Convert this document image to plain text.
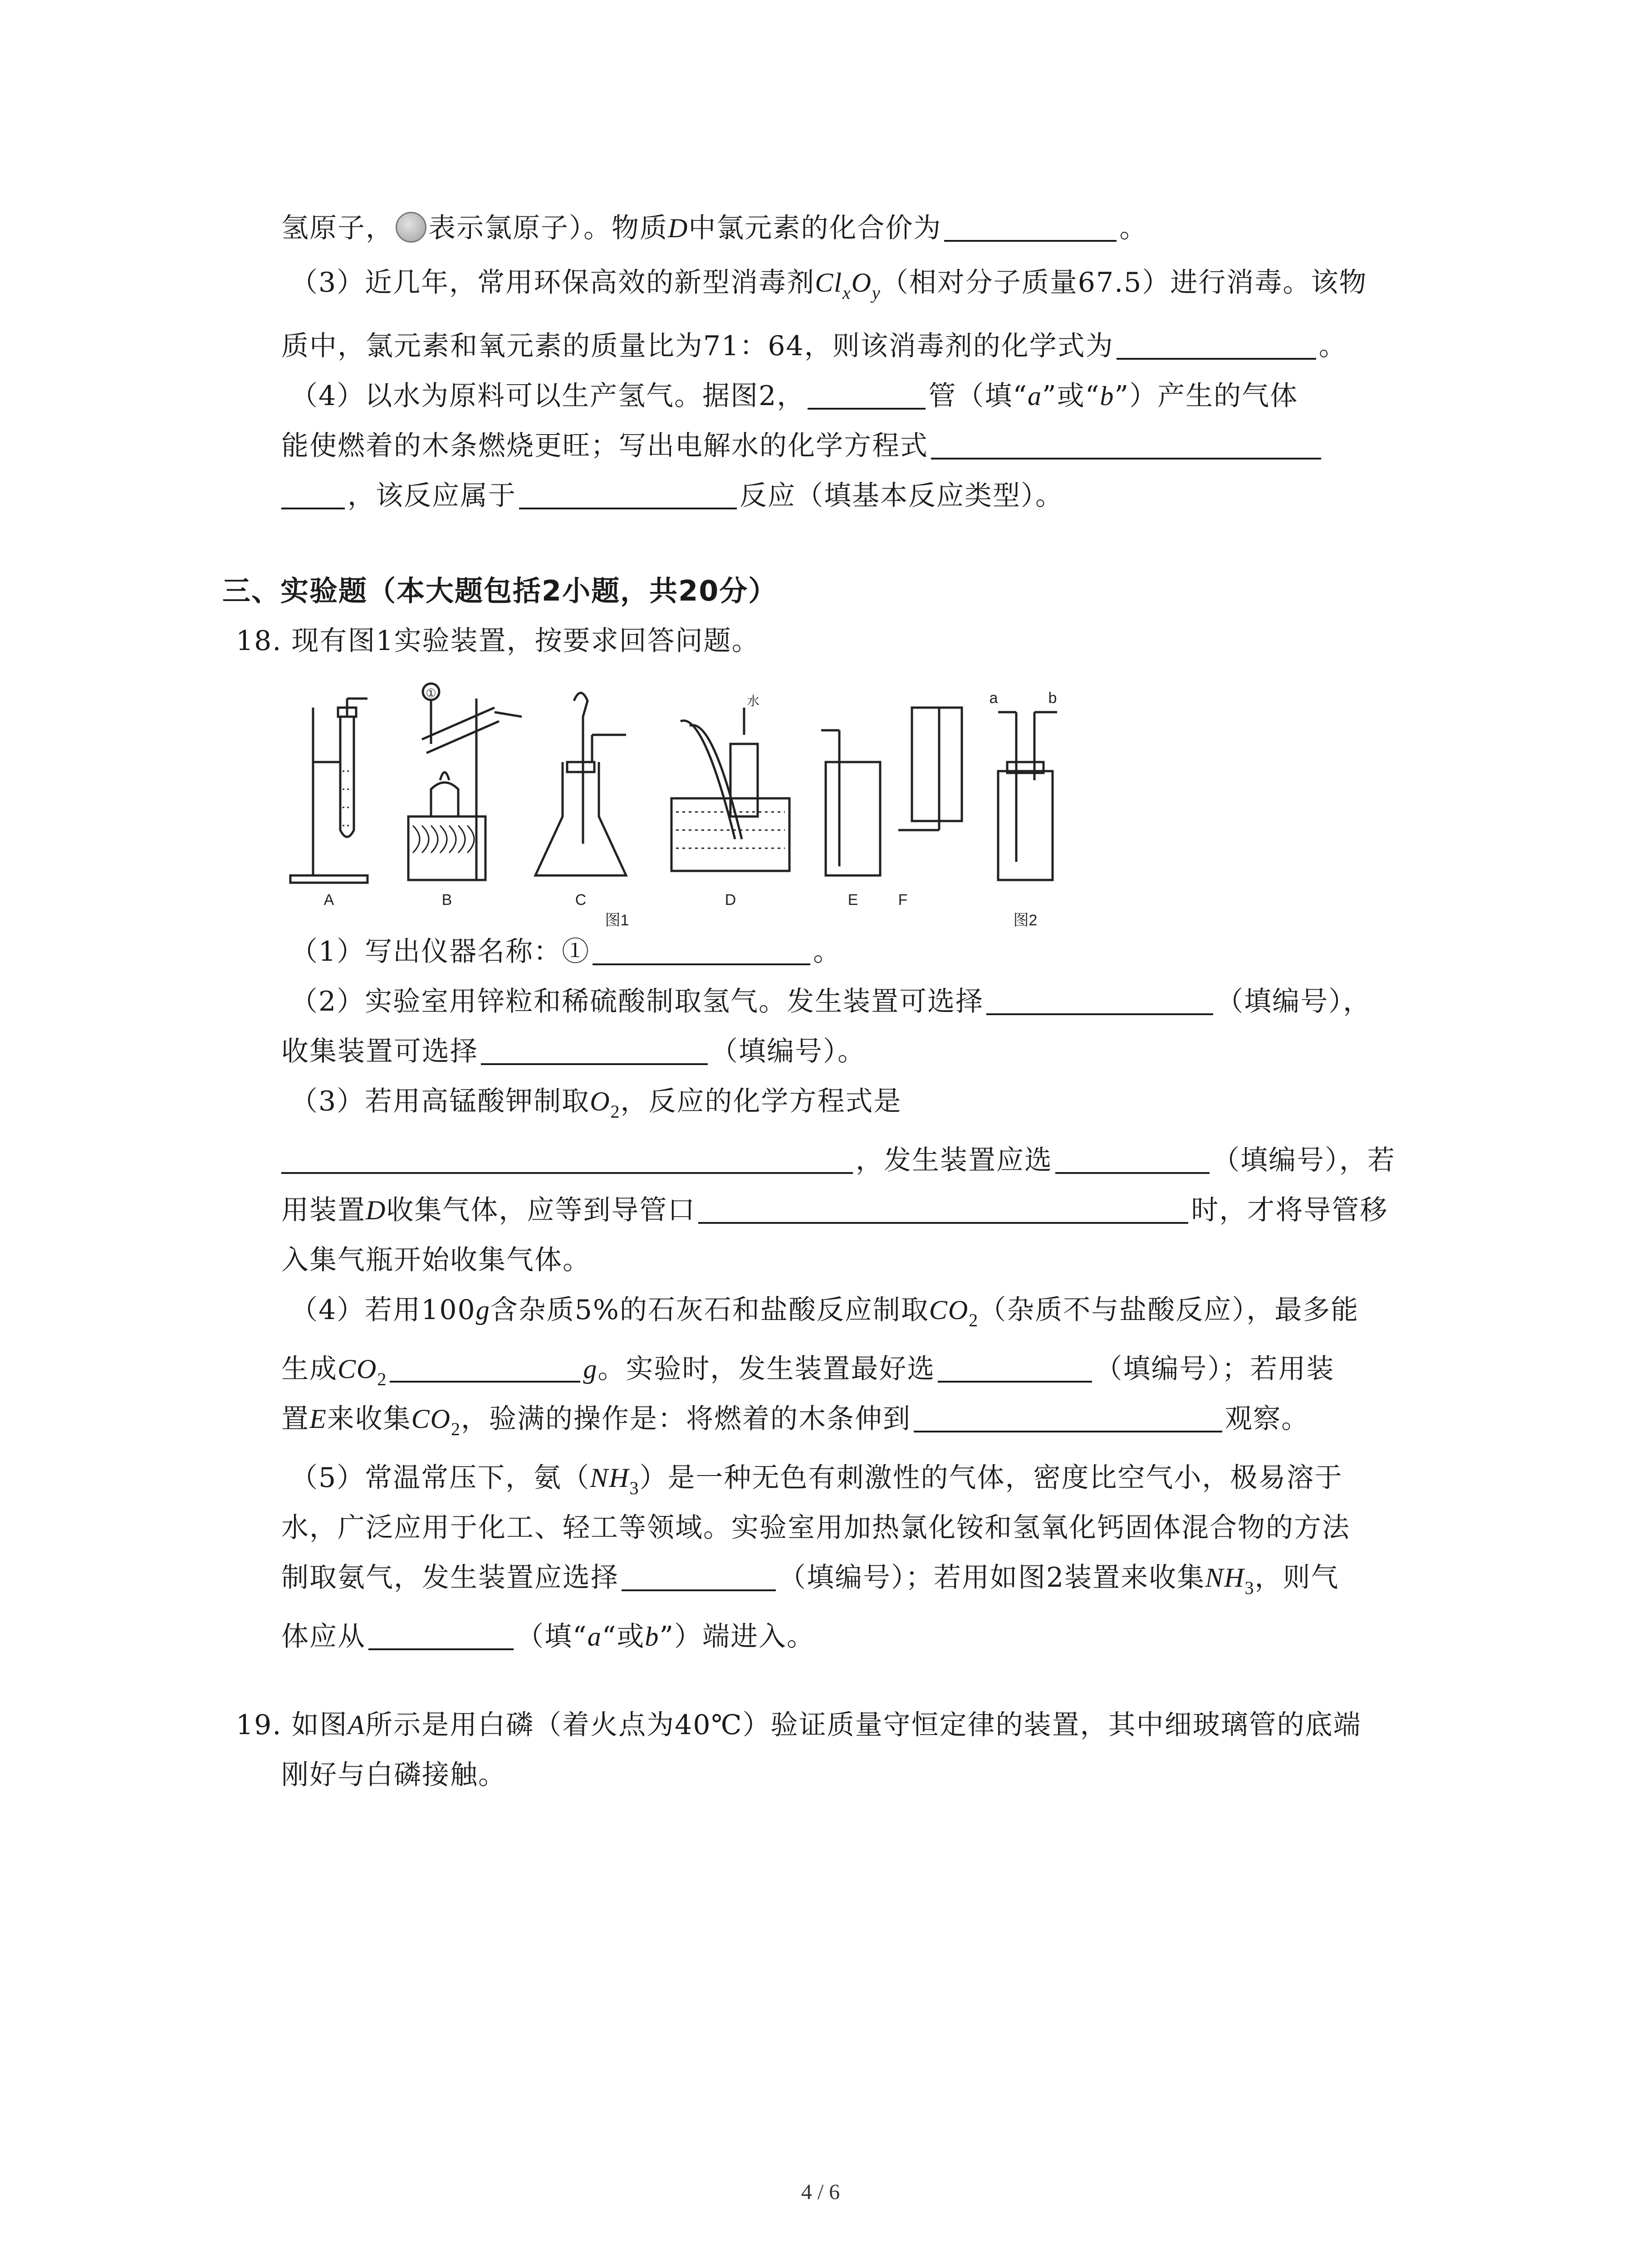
氢原子， 表示氯原子）。物质D中氯元素的化合价为	。
（3）近几年，常用环保高效的新型消毒剂$Cl_xO_y$（相对分子质量67.5）进行消毒。该物
质中，氯元素和氧元素的质量比为71：64，则该消毒剂的化学式为	。
（4）以水为原料可以生产氢气。据图2，	管（填“a”或“b”）产生的气体
能使燃着的木条燃烧更旺；写出电解水的化学方程式
，该反应属于	反应（填基本反应类型）。
三、实验题（本大题包括2小题，共20分）
18. 现有图1实验装置，按要求回答问题。
A	B	C	D	E	F
图1	图2
①
水	a	b
（1）写出仪器名称：①	。
（2）实验室用锌粒和稀硫酸制取氢气。发生装置可选择	（填编号），
收集装置可选择	（填编号）。
（3）若用高锰酸钾制取$O_2$，反应的化学方程式是
，发生装置应选	（填编号），若
用装置D收集气体，应等到导管口	时，才将导管移
入集气瓶开始收集气体。
（4）若用100g含杂质5%的石灰石和盐酸反应制取$CO_2$（杂质不与盐酸反应），最多能
生成$CO_2$	g。实验时，发生装置最好选	（填编号）；若用装
置E来收集$CO_2$，验满的操作是：将燃着的木条伸到	观察。
（5）常温常压下，氨$(NH_3)$是一种无色有刺激性的气体，密度比空气小，极易溶于
水，广泛应用于化工、轻工等领域。实验室用加热氯化铵和氢氧化钙固体混合物的方法
制取氨气，发生装置应选择	（填编号）；若用如图2装置来收集$NH_3$，则气
体应从	（填“a“或b”）端进入。
19. 如图A所示是用白磷（着火点为40℃）验证质量守恒定律的装置，其中细玻璃管的底端
刚好与白磷接触。
4 / 6
